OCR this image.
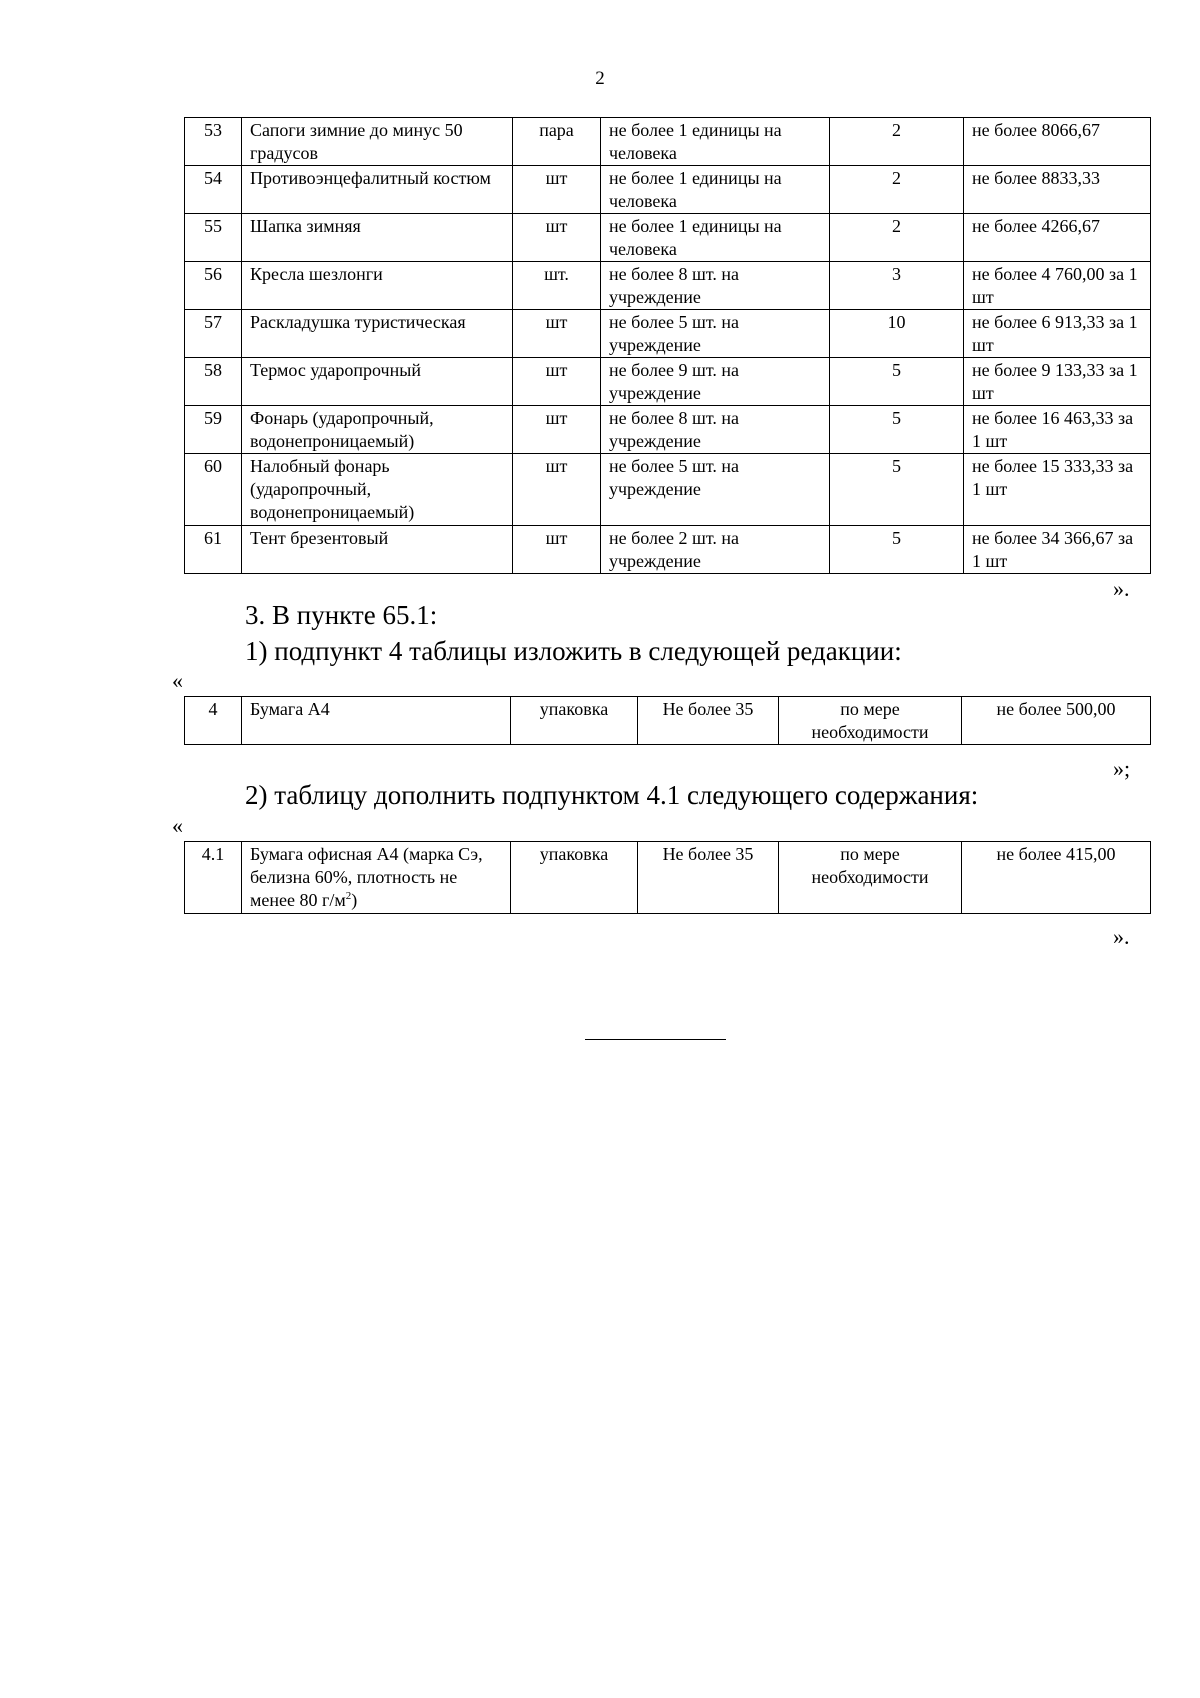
2
53	Сапоги зимние до минус 50 градусов	пара	не более 1 единицы на человека	2	не более 8066,67
54	Противоэнцефалитный костюм	шт	не более 1 единицы на человека	2	не более 8833,33
55	Шапка зимняя	шт	не более 1 единицы на человека	2	не более 4266,67
56	Кресла шезлонги	шт.	не более 8 шт. на учреждение	3	не более 4 760,00 за 1 шт
57	Раскладушка туристическая	шт	не более 5 шт. на учреждение	10	не более 6 913,33 за 1 шт
58	Термос ударопрочный	шт	не более 9 шт. на учреждение	5	не более 9 133,33 за 1 шт
59	Фонарь (ударопрочный, водонепроницаемый)	шт	не более 8 шт. на учреждение	5	не более 16 463,33 за 1 шт
60	Налобный фонарь (ударопрочный, водонепроницаемый)	шт	не более 5 шт. на учреждение	5	не более 15 333,33 за 1 шт
61	Тент брезентовый	шт	не более 2 шт. на учреждение	5	не более 34 366,67 за 1 шт
».
3. В пункте 65.1:
1) подпункт 4 таблицы изложить в следующей редакции:
«
4	Бумага А4	упаковка	Не более 35	по мере необходимости	не более 500,00
»;
2) таблицу дополнить подпунктом 4.1 следующего содержания:
«
4.1	Бумага офисная А4 (марка Сэ, белизна 60%, плотность не менее 80 $г/м^2$)	упаковка	Не более 35	по мере необходимости	не более 415,00
».
